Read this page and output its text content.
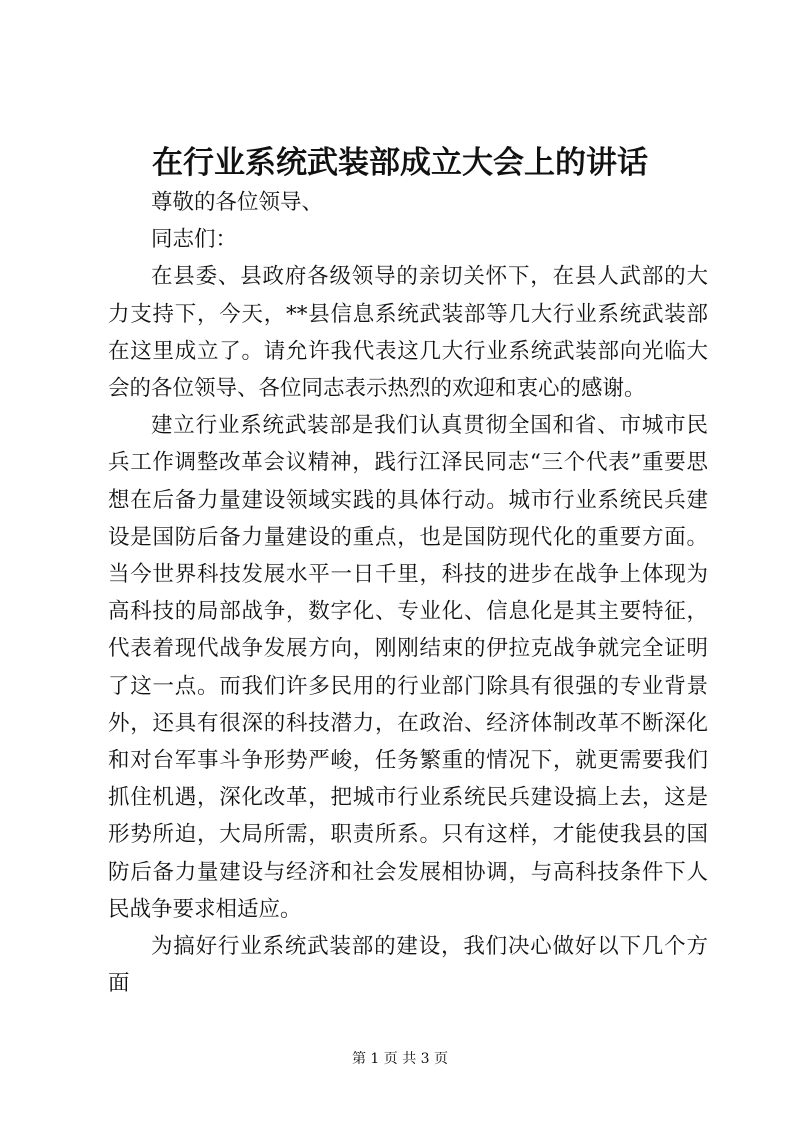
在行业系统武装部成立大会上的讲话

尊敬的各位领导、

同志们：

在县委、县政府各级领导的亲切关怀下，在县人武部的大力支持下，今天，**县信息系统武装部等几大行业系统武装部在这里成立了。请允许我代表这几大行业系统武装部向光临大会的各位领导、各位同志表示热烈的欢迎和衷心的感谢。

建立行业系统武装部是我们认真贯彻全国和省、市城市民兵工作调整改革会议精神，践行江泽民同志“三个代表”重要思想在后备力量建设领域实践的具体行动。城市行业系统民兵建设是国防后备力量建设的重点，也是国防现代化的重要方面。当今世界科技发展水平一日千里，科技的进步在战争上体现为高科技的局部战争，数字化、专业化、信息化是其主要特征，代表着现代战争发展方向，刚刚结束的伊拉克战争就完全证明了这一点。而我们许多民用的行业部门除具有很强的专业背景外，还具有很深的科技潜力，在政治、经济体制改革不断深化和对台军事斗争形势严峻，任务繁重的情况下，就更需要我们抓住机遇，深化改革，把城市行业系统民兵建设搞上去，这是形势所迫，大局所需，职责所系。只有这样，才能使我县的国防后备力量建设与经济和社会发展相协调，与高科技条件下人民战争要求相适应。

为搞好行业系统武装部的建设，我们决心做好以下几个方面

第 1 页 共 3 页
